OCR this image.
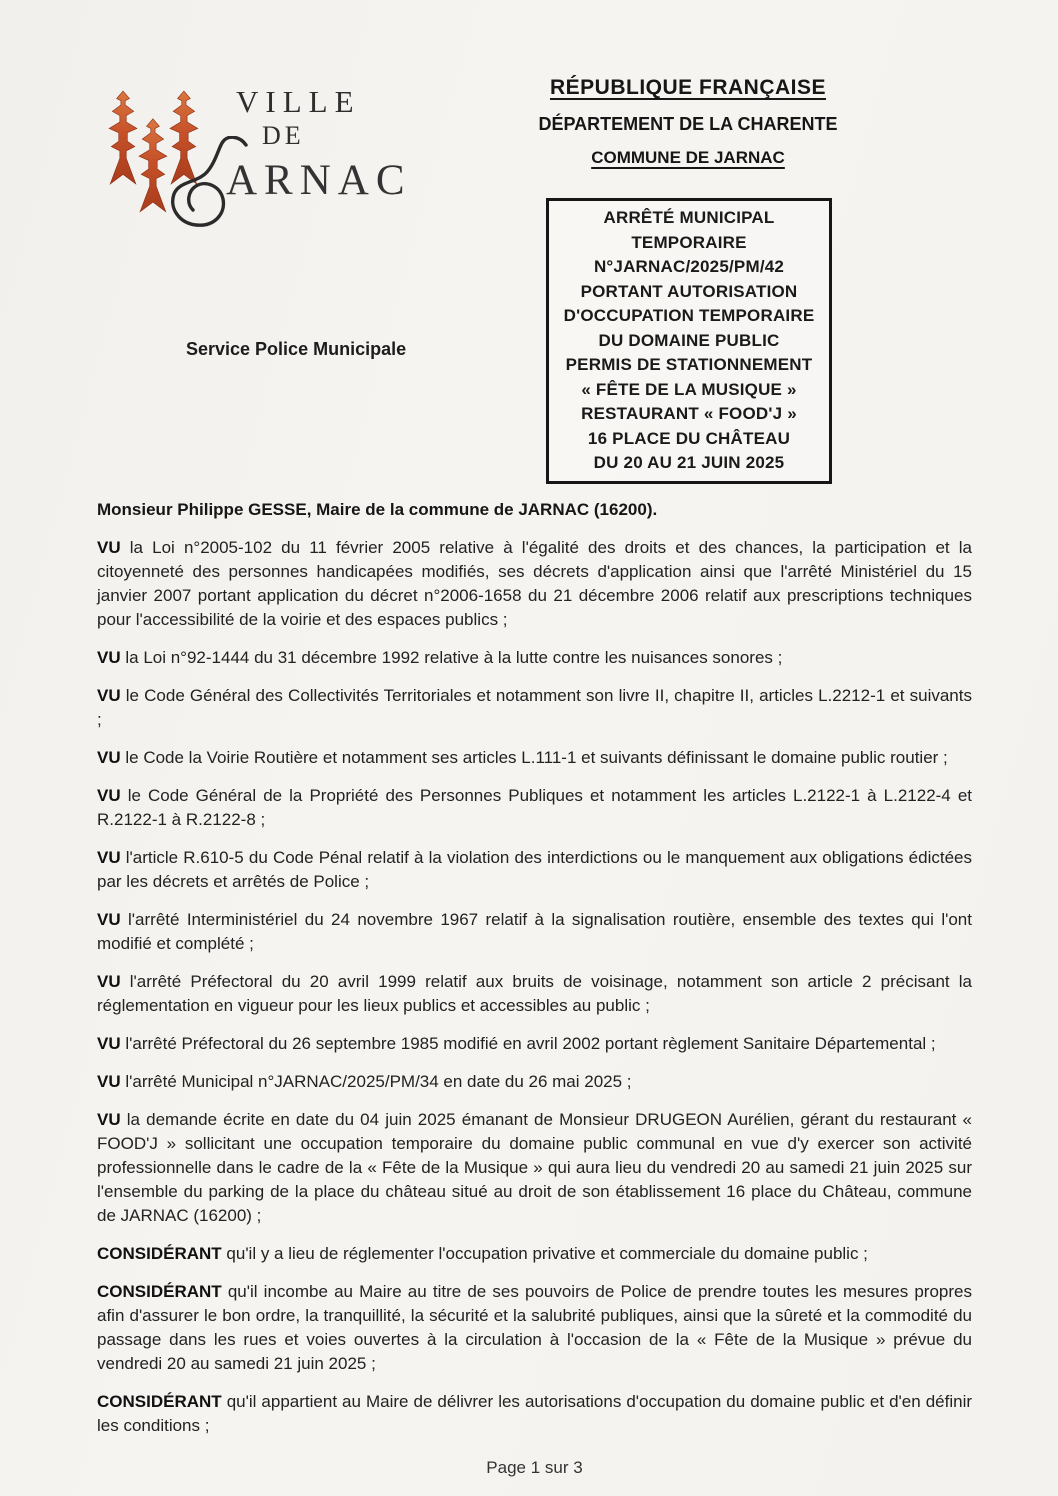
VILLE
DE
ARNAC
Service Police Municipale
RÉPUBLIQUE FRANÇAISE
DÉPARTEMENT DE LA CHARENTE
COMMUNE DE JARNAC
ARRÊTÉ MUNICIPAL
TEMPORAIRE
N°JARNAC/2025/PM/42
PORTANT AUTORISATION
D'OCCUPATION TEMPORAIRE
DU DOMAINE PUBLIC
PERMIS DE STATIONNEMENT
« FÊTE DE LA MUSIQUE »
RESTAURANT « FOOD'J »
16 PLACE DU CHÂTEAU
DU 20 AU 21 JUIN 2025

Monsieur Philippe GESSE, Maire de la commune de JARNAC (16200).

VU la Loi n°2005-102 du 11 février 2005 relative à l'égalité des droits et des chances, la participation et la citoyenneté des personnes handicapées modifiés, ses décrets d'application ainsi que l'arrêté Ministériel du 15 janvier 2007 portant application du décret n°2006-1658 du 21 décembre 2006 relatif aux prescriptions techniques pour l'accessibilité de la voirie et des espaces publics ;

VU la Loi n°92-1444 du 31 décembre 1992 relative à la lutte contre les nuisances sonores ;

VU le Code Général des Collectivités Territoriales et notamment son livre II, chapitre II, articles L.2212-1 et suivants ;

VU le Code la Voirie Routière et notamment ses articles L.111-1 et suivants définissant le domaine public routier ;

VU le Code Général de la Propriété des Personnes Publiques et notamment les articles L.2122-1 à L.2122-4 et R.2122-1 à R.2122-8 ;

VU l'article R.610-5 du Code Pénal relatif à la violation des interdictions ou le manquement aux obligations édictées par les décrets et arrêtés de Police ;

VU l'arrêté Interministériel du 24 novembre 1967 relatif à la signalisation routière, ensemble des textes qui l'ont modifié et complété ;

VU l'arrêté Préfectoral du 20 avril 1999 relatif aux bruits de voisinage, notamment son article 2 précisant la réglementation en vigueur pour les lieux publics et accessibles au public ;

VU l'arrêté Préfectoral du 26 septembre 1985 modifié en avril 2002 portant règlement Sanitaire Départemental ;

VU l'arrêté Municipal n°JARNAC/2025/PM/34 en date du 26 mai 2025 ;

VU la demande écrite en date du 04 juin 2025 émanant de Monsieur DRUGEON Aurélien, gérant du restaurant « FOOD'J » sollicitant une occupation temporaire du domaine public communal en vue d'y exercer son activité professionnelle dans le cadre de la « Fête de la Musique » qui aura lieu du vendredi 20 au samedi 21 juin 2025 sur l'ensemble du parking de la place du château situé au droit de son établissement 16 place du Château, commune de JARNAC (16200) ;

CONSIDÉRANT qu'il y a lieu de réglementer l'occupation privative et commerciale du domaine public ;

CONSIDÉRANT qu'il incombe au Maire au titre de ses pouvoirs de Police de prendre toutes les mesures propres afin d'assurer le bon ordre, la tranquillité, la sécurité et la salubrité publiques, ainsi que la sûreté et la commodité du passage dans les rues et voies ouvertes à la circulation à l'occasion de la « Fête de la Musique » prévue du vendredi 20 au samedi 21 juin 2025 ;

CONSIDÉRANT qu'il appartient au Maire de délivrer les autorisations d'occupation du domaine public et d'en définir les conditions ;

Page 1 sur 3
